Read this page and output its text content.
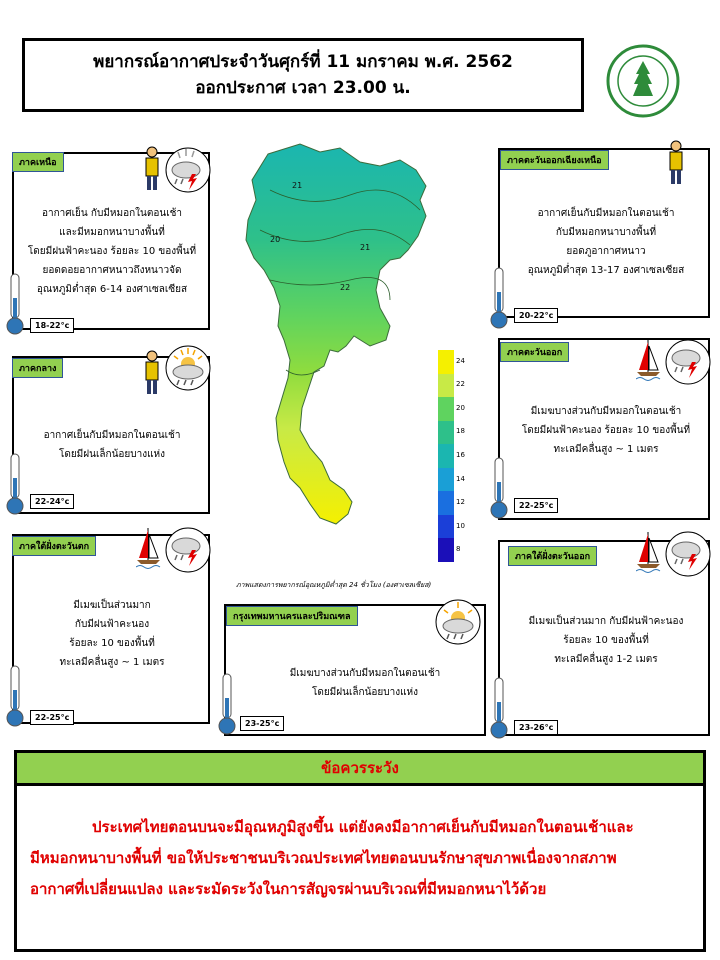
พยากรณ์อากาศประจำวันศุกร์ที่ 11 มกราคม พ.ศ. 2562
ออกประกาศ เวลา 23.00 น.
ภาคเหนือ
อากาศเย็น กับมีหมอกในตอนเช้า
และมีหมอกหนาบางพื้นที่
โดยมีฝนฟ้าคะนอง ร้อยละ 10 ของพื้นที่
ยอดดอยอากาศหนาวถึงหนาวจัด
อุณหภูมิต่ำสุด 6-14 องศาเซลเซียส
18-22°c
ภาคกลาง
อากาศเย็นกับมีหมอกในตอนเช้า
โดยมีฝนเล็กน้อยบางแห่ง
22-24°c
ภาคใต้ฝั่งตะวันตก
มีเมฆเป็นส่วนมาก
กับมีฝนฟ้าคะนอง
ร้อยละ 10 ของพื้นที่
ทะเลมีคลื่นสูง ~ 1 เมตร
22-25°c
ภาคตะวันออกเฉียงเหนือ
อากาศเย็นกับมีหมอกในตอนเช้า
กับมีหมอกหนาบางพื้นที่
ยอดภูอากาศหนาว
อุณหภูมิต่ำสุด 13-17 องศาเซลเซียส
20-22°c
ภาคตะวันออก
มีเมฆบางส่วนกับมีหมอกในตอนเช้า
โดยมีฝนฟ้าคะนอง ร้อยละ 10 ของพื้นที่
ทะเลมีคลื่นสูง ~ 1 เมตร
22-25°c
ภาคใต้ฝั่งตะวันออก
มีเมฆเป็นส่วนมาก กับมีฝนฟ้าคะนอง
ร้อยละ 10 ของพื้นที่
ทะเลมีคลื่นสูง 1-2 เมตร
23-26°c
กรุงเทพมหานครและปริมณฑล
มีเมฆบางส่วนกับมีหมอกในตอนเช้า
โดยมีฝนเล็กน้อยบางแห่ง
23-25°c
21
20
21
22
24
22
20
18
16
14
12
10
8
ภาพแสดงการพยากรณ์อุณหภูมิต่ำสุด 24 ชั่วโมง (องศาเซลเซียส)
ข้อควรระวัง
ประเทศไทยตอนบนจะมีอุณหภูมิสูงขึ้น แต่ยังคงมีอากาศเย็นกับมีหมอกในตอนเช้าและ
มีหมอกหนาบางพื้นที่ ขอให้ประชาชนบริเวณประเทศไทยตอนบนรักษาสุขภาพเนื่องจากสภาพ
อากาศที่เปลี่ยนแปลง และระมัดระวังในการสัญจรผ่านบริเวณที่มีหมอกหนาไว้ด้วย
